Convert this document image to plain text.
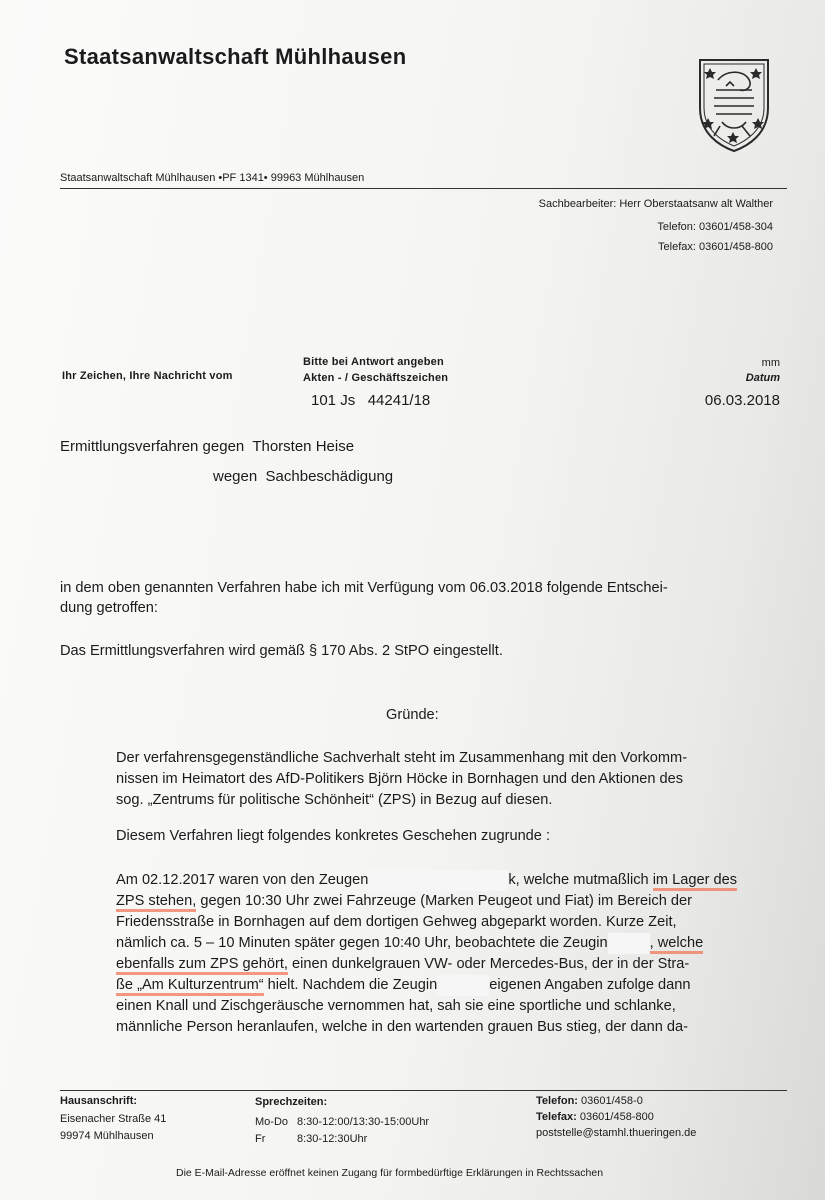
Staatsanwaltschaft Mühlhausen
Staatsanwaltschaft Mühlhausen •PF 1341• 99963 Mühlhausen
Sachbearbeiter: Herr Oberstaatsanw alt Walther
Telefon: 03601/458-304
Telefax: 03601/458-800
Ihr Zeichen, Ihre Nachricht vom
Bitte bei Antwort angeben
Akten - / Geschäftszeichen
101 Js   44241/18
mm
Datum
06.03.2018
Ermittlungsverfahren gegen  Thorsten Heise
wegen  Sachbeschädigung
in dem oben genannten Verfahren habe ich mit Verfügung vom 06.03.2018 folgende Entschei-
dung getroffen:
Das Ermittlungsverfahren wird gemäß § 170 Abs. 2 StPO eingestellt.
Gründe:
Der verfahrensgegenständliche Sachverhalt steht im Zusammenhang mit den Vorkomm-
nissen im Heimatort des AfD-Politikers Björn Höcke in Bornhagen und den Aktionen des
sog. „Zentrums für politische Schönheit“ (ZPS) in Bezug auf diesen.
Diesem Verfahren liegt folgendes konkretes Geschehen zugrunde :
Am 02.12.2017 waren von den Zeugen	k, welche mutmaßlich im Lager des
ZPS stehen, gegen 10:30 Uhr zwei Fahrzeuge (Marken Peugeot und Fiat) im Bereich der
Friedensstraße in Bornhagen auf dem dortigen Gehweg abgeparkt worden. Kurze Zeit,
nämlich ca. 5 – 10 Minuten später gegen 10:40 Uhr, beobachtete die Zeugin	, welche
ebenfalls zum ZPS gehört, einen dunkelgrauen VW- oder Mercedes-Bus, der in der Stra-
ße „Am Kulturzentrum“ hielt. Nachdem die Zeugin	eigenen Angaben zufolge dann
einen Knall und Zischgeräusche vernommen hat, sah sie eine sportliche und schlanke,
männliche Person heranlaufen, welche in den wartenden grauen Bus stieg, der dann da-
Hausanschrift:
Eisenacher Straße 41
99974 Mühlhausen
Sprechzeiten:
Mo-Do 8:30-12:00/13:30-15:00Uhr
Fr	8:30-12:30Uhr
Telefon: 03601/458-0
Telefax: 03601/458-800
poststelle@stamhl.thueringen.de
Die E-Mail-Adresse eröffnet keinen Zugang für formbedürftige Erklärungen in Rechtssachen
